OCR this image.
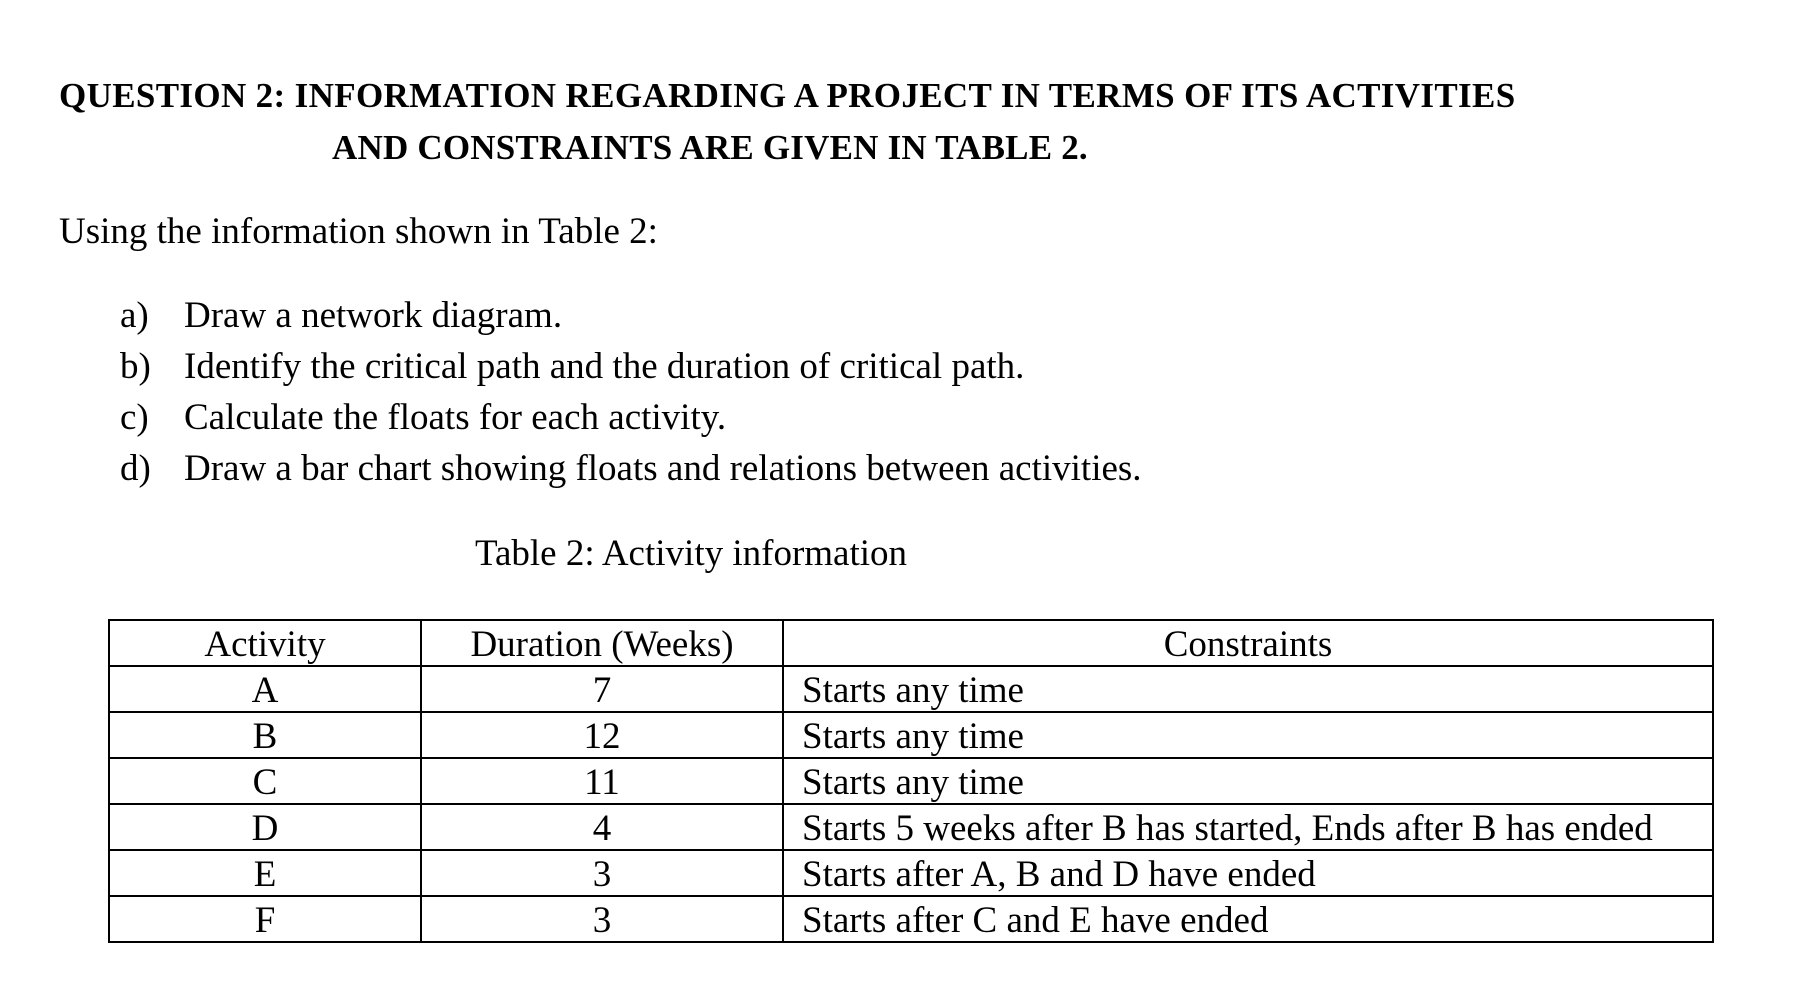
QUESTION 2: INFORMATION REGARDING A PROJECT IN TERMS OF ITS ACTIVITIES
AND CONSTRAINTS ARE GIVEN IN TABLE 2.
Using the information shown in Table 2:
a) Draw a network diagram.
b) Identify the critical path and the duration of critical path.
c) Calculate the floats for each activity.
d) Draw a bar chart showing floats and relations between activities.
Table 2: Activity information
Activity	Duration (Weeks)	Constraints
A	7	Starts any time
B	12	Starts any time
C	11	Starts any time
D	4	Starts 5 weeks after B has started, Ends after B has ended
E	3	Starts after A, B and D have ended
F	3	Starts after C and E have ended
